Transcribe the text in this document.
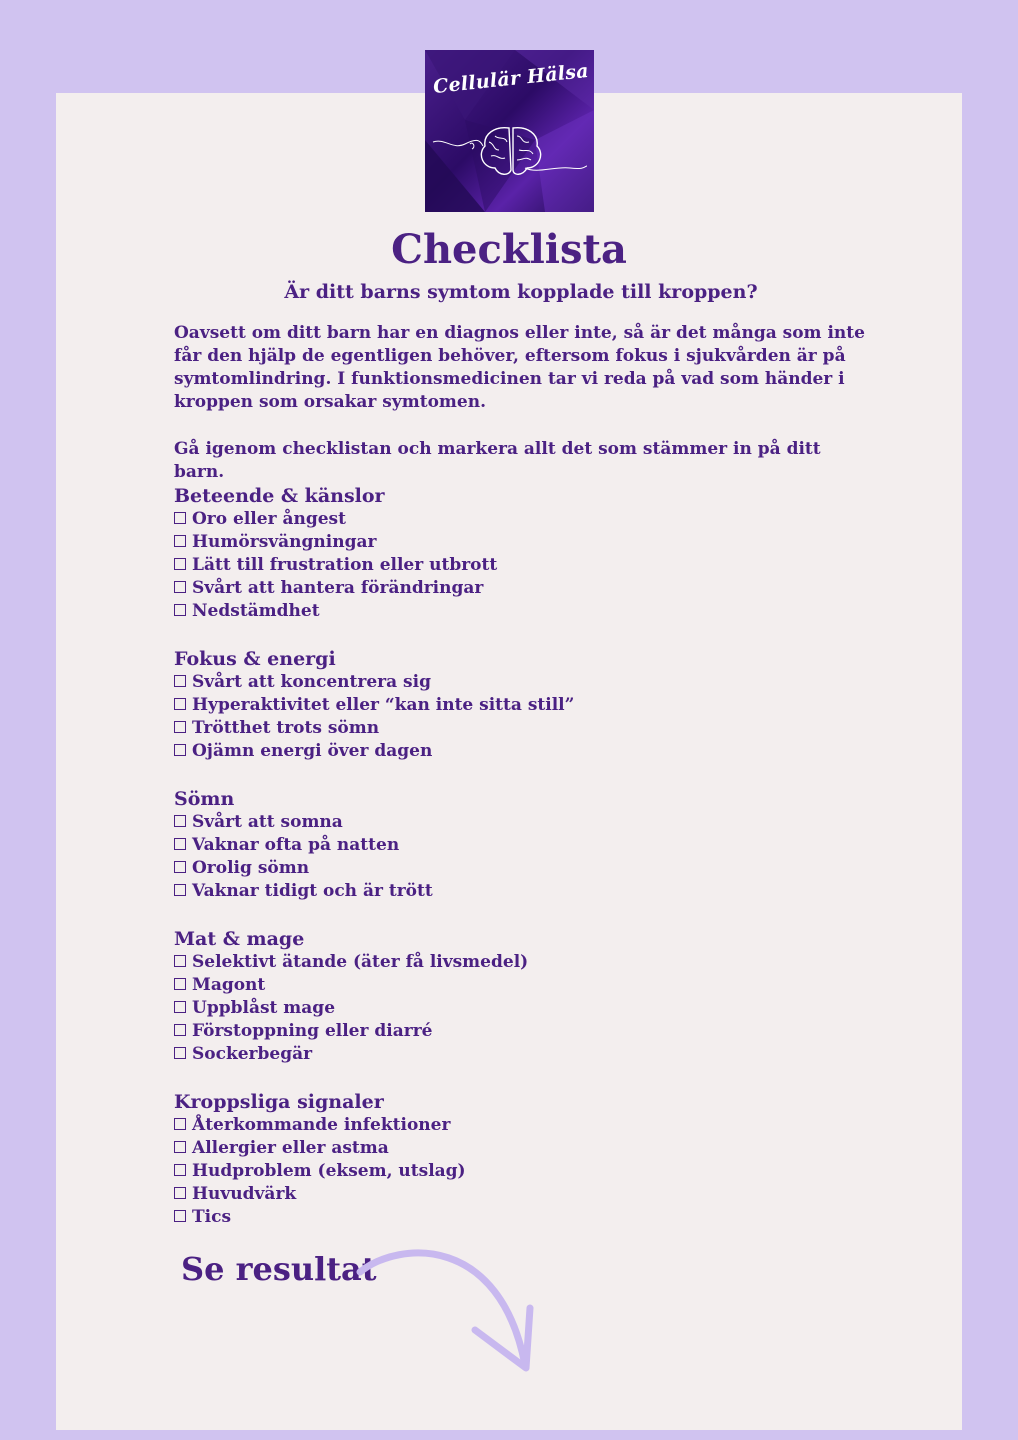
Cellulär Hälsa
Checklista
Är ditt barns symtom kopplade till kroppen?
Oavsett om ditt barn har en diagnos eller inte, så är det många som inte får den hjälp de egentligen behöver, eftersom fokus i sjukvården är på symtomlindring. I funktionsmedicinen tar vi reda på vad som händer i kroppen som orsakar symtomen.
Gå igenom checklistan och markera allt det som stämmer in på ditt barn.
Beteende & känslor
Oro eller ångest
Humörsvängningar
Lätt till frustration eller utbrott
Svårt att hantera förändringar
Nedstämdhet
Fokus & energi
Svårt att koncentrera sig
Hyperaktivitet eller “kan inte sitta still”
Trötthet trots sömn
Ojämn energi över dagen
Sömn
Svårt att somna
Vaknar ofta på natten
Orolig sömn
Vaknar tidigt och är trött
Mat & mage
Selektivt ätande (äter få livsmedel)
Magont
Uppblåst mage
Förstoppning eller diarré
Sockerbegär
Kroppsliga signaler
Återkommande infektioner
Allergier eller astma
Hudproblem (eksem, utslag)
Huvudvärk
Tics
Se resultat
